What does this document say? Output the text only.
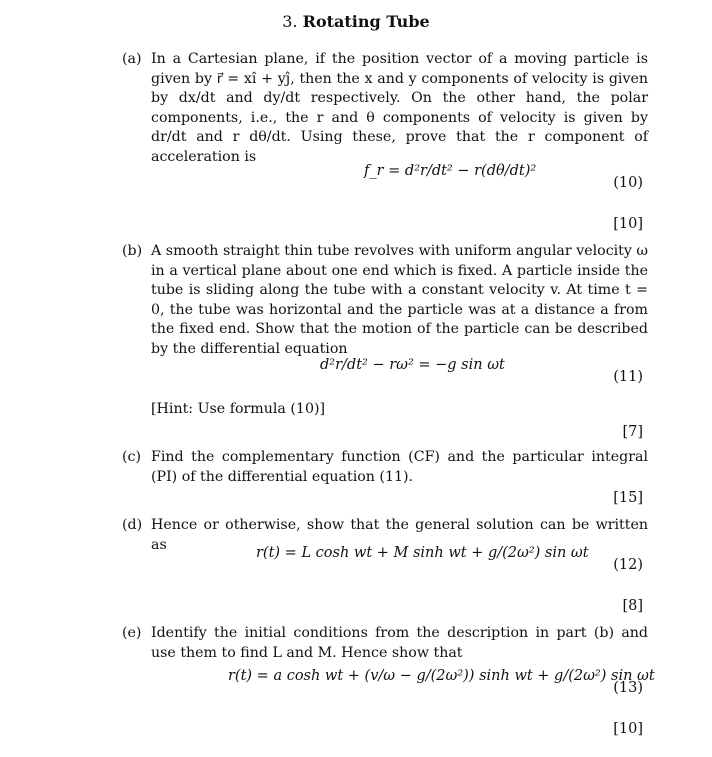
3. Rotating Tube
(a) In a Cartesian plane, if the position vector of a moving particle is given by r⃗ = xî + yĵ, then the x and y components of velocity is given by dx/dt and dy/dt respectively. On the other hand, the polar components, i.e., the r and θ components of velocity is given by dr/dt and r dθ/dt. Using these, prove that the r component of acceleration is
f_r = d²r/dt² − r(dθ/dt)²
(10)
[10]
(b) A smooth straight thin tube revolves with uniform angular velocity ω in a vertical plane about one end which is fixed. A particle inside the tube is sliding along the tube with a constant velocity v. At time t = 0, the tube was horizontal and the particle was at a distance a from the fixed end. Show that the motion of the particle can be described by the differential equation
d²r/dt² − rω² = −g sin ωt
(11)
[Hint: Use formula (10)]
[7]
(c) Find the complementary function (CF) and the particular integral (PI) of the differential equation (11).
[15]
(d) Hence or otherwise, show that the general solution can be written as
r(t) = L cosh wt + M sinh wt + g/(2ω²) sin ωt
(12)
[8]
(e) Identify the initial conditions from the description in part (b) and use them to find L and M. Hence show that
r(t) = a cosh wt + (v/ω − g/(2ω²)) sinh wt + g/(2ω²) sin ωt
(13)
[10]
